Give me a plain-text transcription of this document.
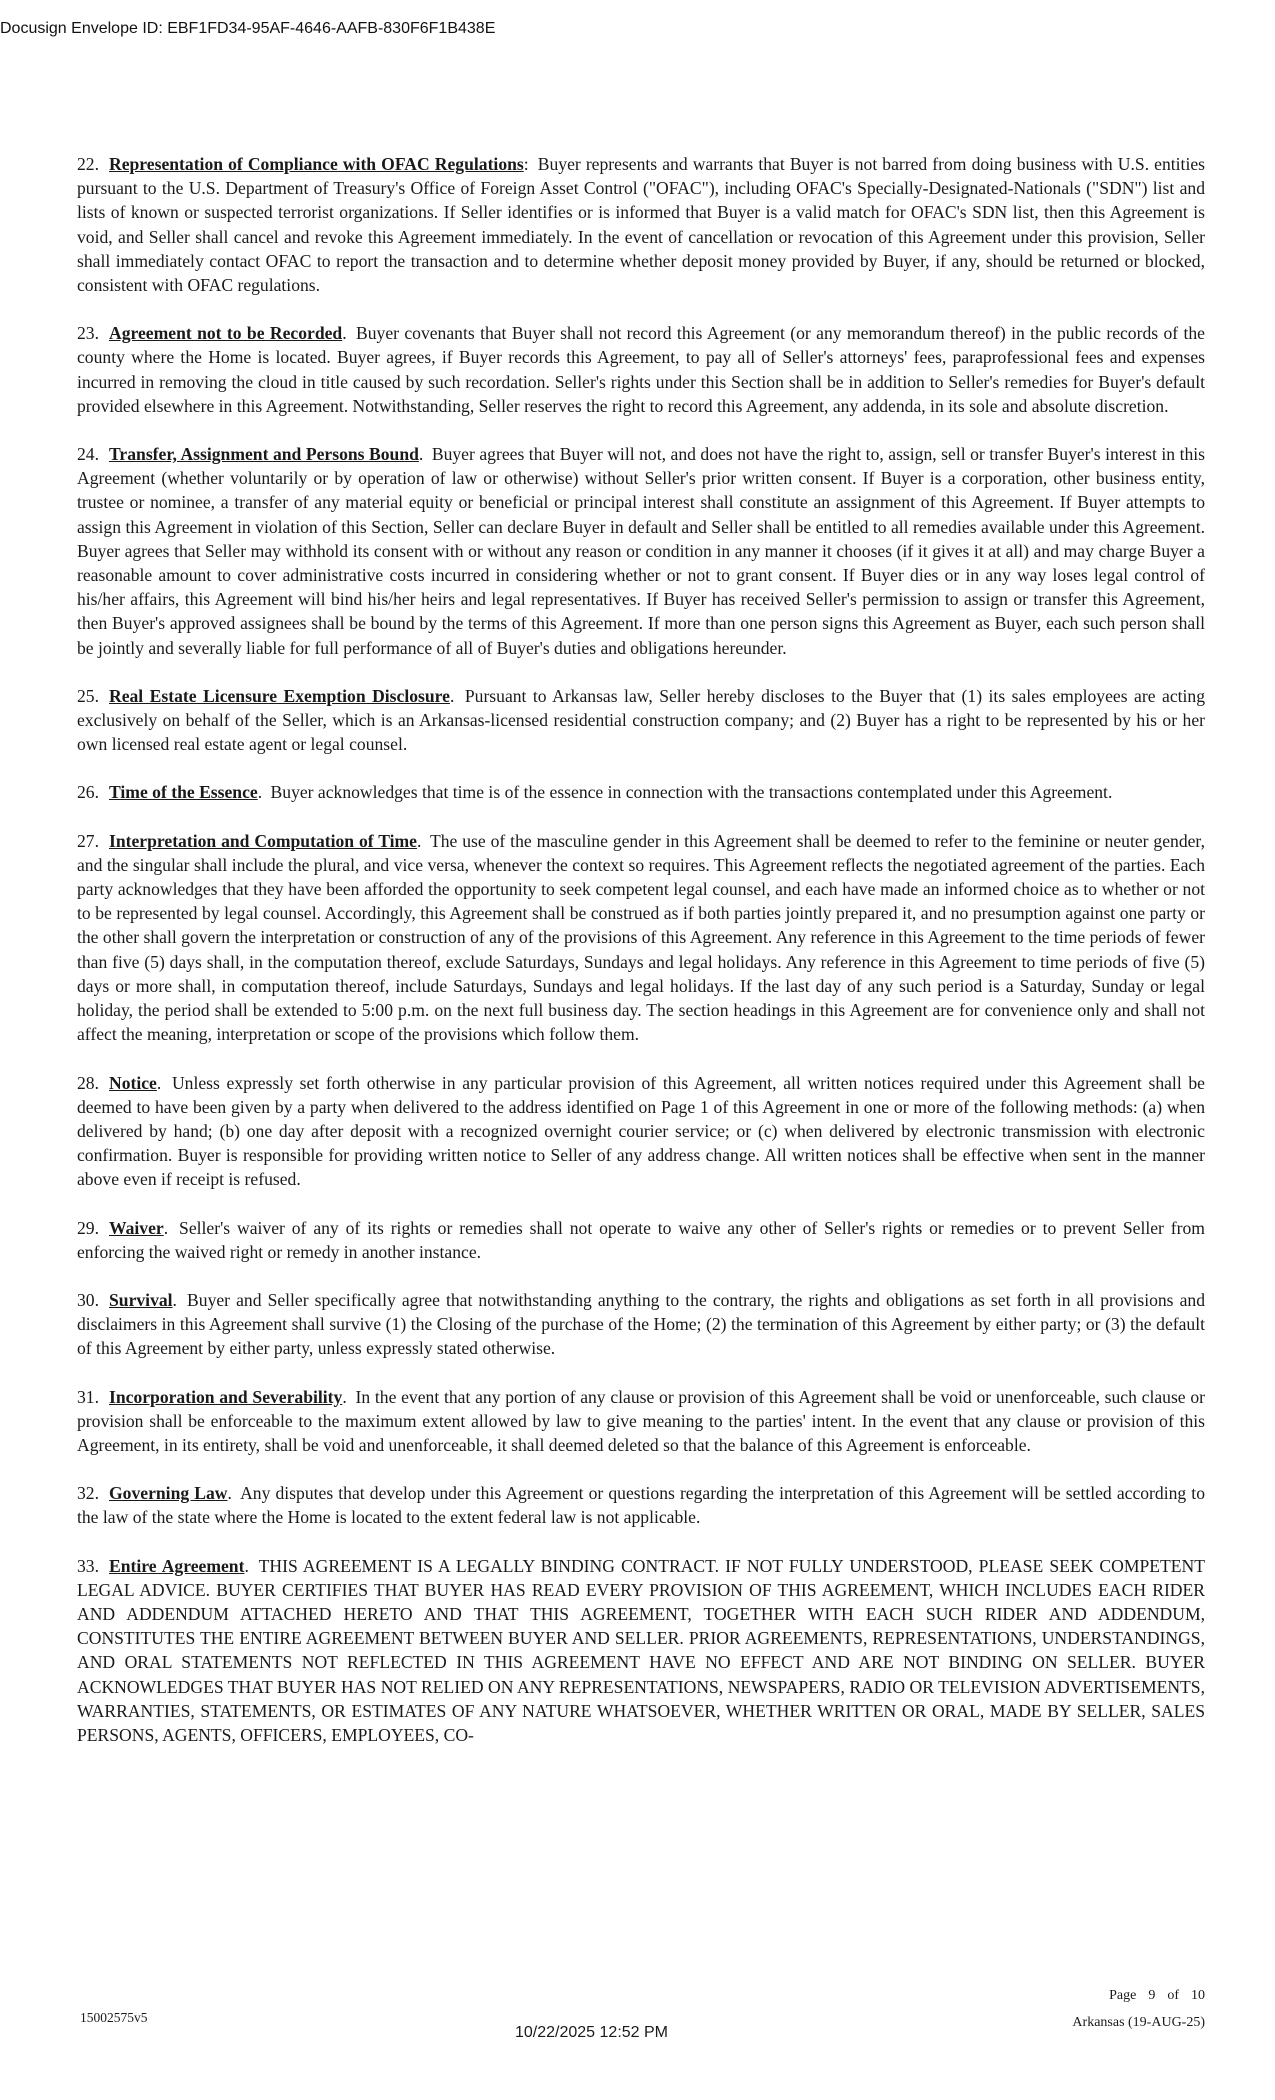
Docusign Envelope ID: EBF1FD34-95AF-4646-AAFB-830F6F1B438E

22. Representation of Compliance with OFAC Regulations: Buyer represents and warrants that Buyer is not barred from doing business with U.S. entities pursuant to the U.S. Department of Treasury's Office of Foreign Asset Control ("OFAC"), including OFAC's Specially-Designated-Nationals ("SDN") list and lists of known or suspected terrorist organizations. If Seller identifies or is informed that Buyer is a valid match for OFAC's SDN list, then this Agreement is void, and Seller shall cancel and revoke this Agreement immediately. In the event of cancellation or revocation of this Agreement under this provision, Seller shall immediately contact OFAC to report the transaction and to determine whether deposit money provided by Buyer, if any, should be returned or blocked, consistent with OFAC regulations.

23. Agreement not to be Recorded. Buyer covenants that Buyer shall not record this Agreement (or any memorandum thereof) in the public records of the county where the Home is located. Buyer agrees, if Buyer records this Agreement, to pay all of Seller's attorneys' fees, paraprofessional fees and expenses incurred in removing the cloud in title caused by such recordation. Seller's rights under this Section shall be in addition to Seller's remedies for Buyer's default provided elsewhere in this Agreement. Notwithstanding, Seller reserves the right to record this Agreement, any addenda, in its sole and absolute discretion.

24. Transfer, Assignment and Persons Bound. Buyer agrees that Buyer will not, and does not have the right to, assign, sell or transfer Buyer's interest in this Agreement (whether voluntarily or by operation of law or otherwise) without Seller's prior written consent. If Buyer is a corporation, other business entity, trustee or nominee, a transfer of any material equity or beneficial or principal interest shall constitute an assignment of this Agreement. If Buyer attempts to assign this Agreement in violation of this Section, Seller can declare Buyer in default and Seller shall be entitled to all remedies available under this Agreement. Buyer agrees that Seller may withhold its consent with or without any reason or condition in any manner it chooses (if it gives it at all) and may charge Buyer a reasonable amount to cover administrative costs incurred in considering whether or not to grant consent. If Buyer dies or in any way loses legal control of his/her affairs, this Agreement will bind his/her heirs and legal representatives. If Buyer has received Seller's permission to assign or transfer this Agreement, then Buyer's approved assignees shall be bound by the terms of this Agreement. If more than one person signs this Agreement as Buyer, each such person shall be jointly and severally liable for full performance of all of Buyer's duties and obligations hereunder.

25. Real Estate Licensure Exemption Disclosure. Pursuant to Arkansas law, Seller hereby discloses to the Buyer that (1) its sales employees are acting exclusively on behalf of the Seller, which is an Arkansas-licensed residential construction company; and (2) Buyer has a right to be represented by his or her own licensed real estate agent or legal counsel.

26. Time of the Essence. Buyer acknowledges that time is of the essence in connection with the transactions contemplated under this Agreement.

27. Interpretation and Computation of Time. The use of the masculine gender in this Agreement shall be deemed to refer to the feminine or neuter gender, and the singular shall include the plural, and vice versa, whenever the context so requires. This Agreement reflects the negotiated agreement of the parties. Each party acknowledges that they have been afforded the opportunity to seek competent legal counsel, and each have made an informed choice as to whether or not to be represented by legal counsel. Accordingly, this Agreement shall be construed as if both parties jointly prepared it, and no presumption against one party or the other shall govern the interpretation or construction of any of the provisions of this Agreement. Any reference in this Agreement to the time periods of fewer than five (5) days shall, in the computation thereof, exclude Saturdays, Sundays and legal holidays. Any reference in this Agreement to time periods of five (5) days or more shall, in computation thereof, include Saturdays, Sundays and legal holidays. If the last day of any such period is a Saturday, Sunday or legal holiday, the period shall be extended to 5:00 p.m. on the next full business day. The section headings in this Agreement are for convenience only and shall not affect the meaning, interpretation or scope of the provisions which follow them.

28. Notice. Unless expressly set forth otherwise in any particular provision of this Agreement, all written notices required under this Agreement shall be deemed to have been given by a party when delivered to the address identified on Page 1 of this Agreement in one or more of the following methods: (a) when delivered by hand; (b) one day after deposit with a recognized overnight courier service; or (c) when delivered by electronic transmission with electronic confirmation. Buyer is responsible for providing written notice to Seller of any address change. All written notices shall be effective when sent in the manner above even if receipt is refused.

29. Waiver. Seller's waiver of any of its rights or remedies shall not operate to waive any other of Seller's rights or remedies or to prevent Seller from enforcing the waived right or remedy in another instance.

30. Survival. Buyer and Seller specifically agree that notwithstanding anything to the contrary, the rights and obligations as set forth in all provisions and disclaimers in this Agreement shall survive (1) the Closing of the purchase of the Home; (2) the termination of this Agreement by either party; or (3) the default of this Agreement by either party, unless expressly stated otherwise.

31. Incorporation and Severability. In the event that any portion of any clause or provision of this Agreement shall be void or unenforceable, such clause or provision shall be enforceable to the maximum extent allowed by law to give meaning to the parties' intent. In the event that any clause or provision of this Agreement, in its entirety, shall be void and unenforceable, it shall deemed deleted so that the balance of this Agreement is enforceable.

32. Governing Law. Any disputes that develop under this Agreement or questions regarding the interpretation of this Agreement will be settled according to the law of the state where the Home is located to the extent federal law is not applicable.

33. Entire Agreement. THIS AGREEMENT IS A LEGALLY BINDING CONTRACT. IF NOT FULLY UNDERSTOOD, PLEASE SEEK COMPETENT LEGAL ADVICE. BUYER CERTIFIES THAT BUYER HAS READ EVERY PROVISION OF THIS AGREEMENT, WHICH INCLUDES EACH RIDER AND ADDENDUM ATTACHED HERETO AND THAT THIS AGREEMENT, TOGETHER WITH EACH SUCH RIDER AND ADDENDUM, CONSTITUTES THE ENTIRE AGREEMENT BETWEEN BUYER AND SELLER. PRIOR AGREEMENTS, REPRESENTATIONS, UNDERSTANDINGS, AND ORAL STATEMENTS NOT REFLECTED IN THIS AGREEMENT HAVE NO EFFECT AND ARE NOT BINDING ON SELLER. BUYER ACKNOWLEDGES THAT BUYER HAS NOT RELIED ON ANY REPRESENTATIONS, NEWSPAPERS, RADIO OR TELEVISION ADVERTISEMENTS, WARRANTIES, STATEMENTS, OR ESTIMATES OF ANY NATURE WHATSOEVER, WHETHER WRITTEN OR ORAL, MADE BY SELLER, SALES PERSONS, AGENTS, OFFICERS, EMPLOYEES, CO-

15002575v5
Page 9 of 10
Arkansas (19-AUG-25)
10/22/2025 12:52 PM
